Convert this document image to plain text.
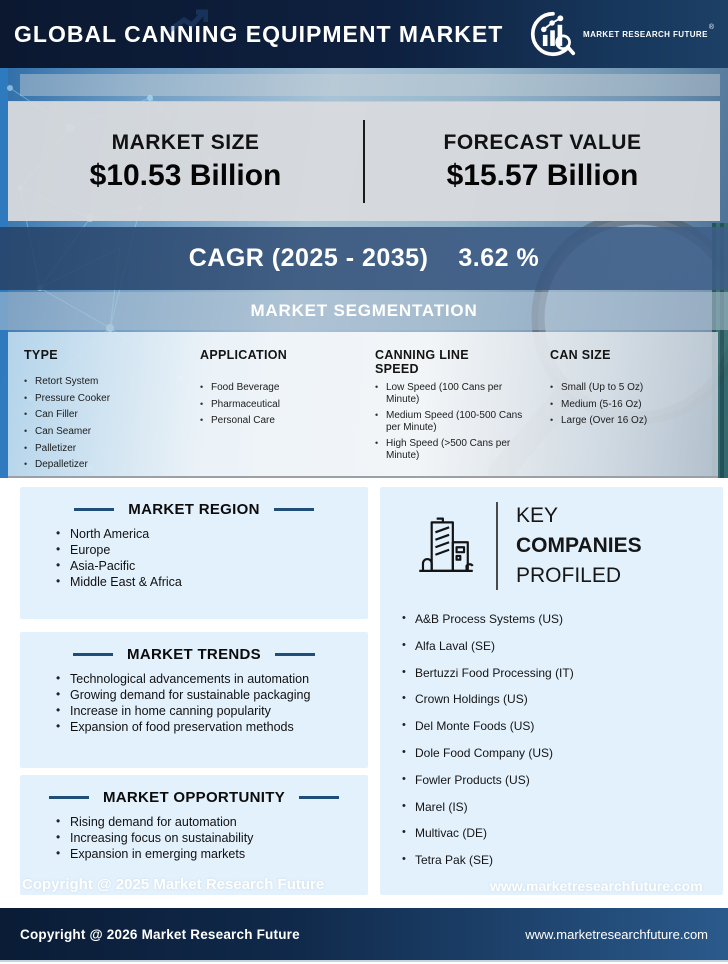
GLOBAL CANNING EQUIPMENT MARKET	MARKET RESEARCH FUTURE
®
MARKET SIZE
$10.53 Billion
FORECAST VALUE
$15.57 Billion
CAGR (2025 - 2035) 3.62 %
MARKET SEGMENTATION
TYPE
• Retort System
• Pressure Cooker
• Can Filler
• Can Seamer
• Palletizer
• Depalletizer
APPLICATION
• Food Beverage
• Pharmaceutical
• Personal Care
CANNING LINE SPEED
• Low Speed (100 Cans per Minute)
• Medium Speed (100-500 Cans per Minute)
• High Speed (>500 Cans per Minute)
CAN SIZE
• Small (Up to 5 Oz)
• Medium (5-16 Oz)
• Large (Over 16 Oz)
MARKET REGION
• North America
• Europe
• Asia-Pacific
• Middle East & Africa
MARKET TRENDS
• Technological advancements in automation
• Growing demand for sustainable packaging
• Increase in home canning popularity
• Expansion of food preservation methods
MARKET OPPORTUNITY
• Rising demand for automation
• Increasing focus on sustainability
• Expansion in emerging markets
KEY
COMPANIES
PROFILED
• A&B Process Systems (US)
• Alfa Laval (SE)
• Bertuzzi Food Processing (IT)
• Crown Holdings (US)
• Del Monte Foods (US)
• Dole Food Company (US)
• Fowler Products (US)
• Marel (IS)
• Multivac (DE)
• Tetra Pak (SE)
Copyright @ 2025 Market Research Future	www.marketresearchfuture.com
Copyright @ 2026 Market Research Future	www.marketresearchfuture.com
